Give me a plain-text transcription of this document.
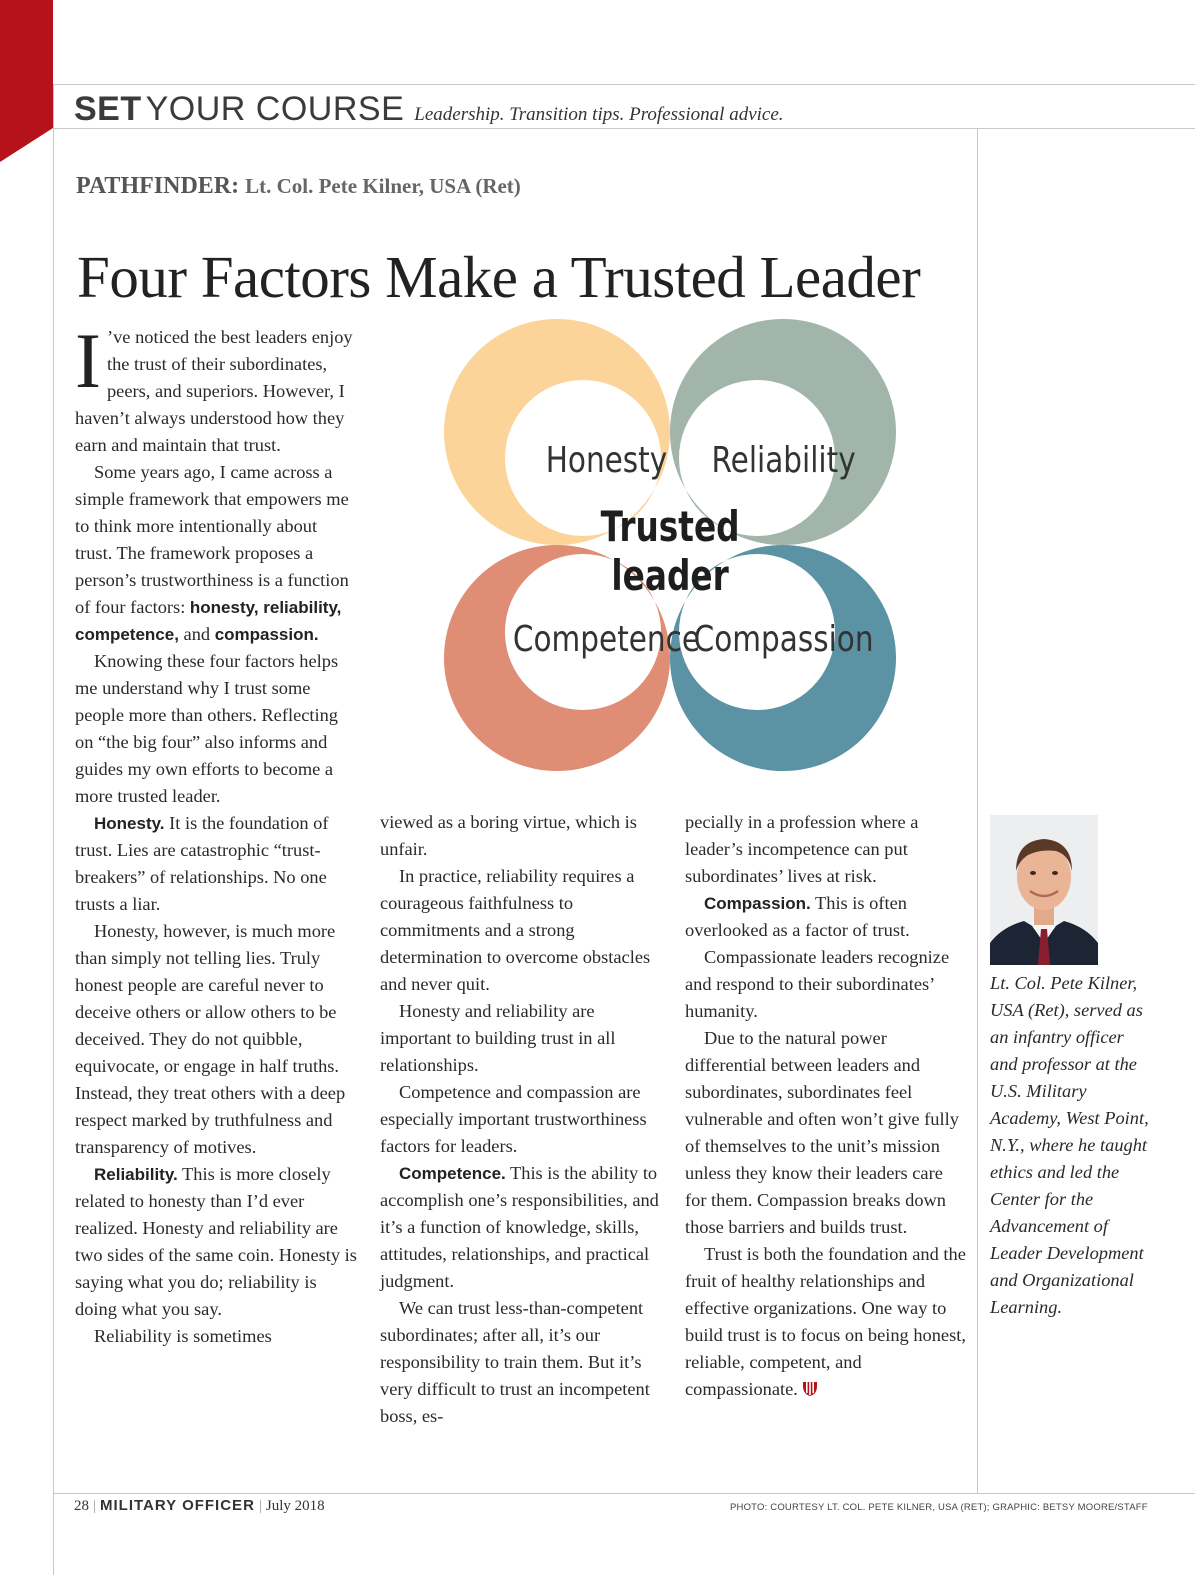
SET YOUR COURSE Leadership. Transition tips. Professional advice.
PATHFINDER: Lt. Col. Pete Kilner, USA (Ret)
Four Factors Make a Trusted Leader
Honesty Reliability
Competence
Compassion
Trusted
leader

I ’ve noticed the best leaders enjoy the trust of their subordinates, peers, and superiors. However, I haven’t always understood how they earn and maintain that trust.

Some years ago, I came across a simple framework that empowers me to think more intentionally about trust. The framework proposes a person’s trustworthiness is a function of four factors: honesty, reliability, competence, and compassion.

Knowing these four factors helps me understand why I trust some people more than others. Reflecting on “the big four” also informs and guides my own efforts to become a more trusted leader.

Honesty. It is the foundation of trust. Lies are catastrophic “trust-breakers” of relationships. No one trusts a liar.

Honesty, however, is much more than simply not telling lies. Truly honest people are careful never to deceive others or allow others to be deceived. They do not quibble, equivocate, or engage in half truths. Instead, they treat others with a deep respect marked by truthfulness and transparency of motives.

Reliability. This is more closely related to honesty than I’d ever realized. Honesty and reliability are two sides of the same coin. Honesty is saying what you do; reliability is doing what you say.

Reliability is sometimes

viewed as a boring virtue, which is unfair.

In practice, reliability requires a courageous faithfulness to commitments and a strong determination to overcome obstacles and never quit.

Honesty and reliability are important to building trust in all relationships.

Competence and compassion are especially important trustworthiness factors for leaders.

Competence. This is the ability to accomplish one’s responsibilities, and it’s a function of knowledge, skills, attitudes, relationships, and practical judgment.

We can trust less-than-competent subordinates; after all, it’s our responsibility to train them. But it’s very difficult to trust an incompetent boss, es-

pecially in a profession where a leader’s incompetence can put subordinates’ lives at risk.

Compassion. This is often overlooked as a factor of trust.

Compassionate leaders recognize and respond to their subordinates’ humanity.

Due to the natural power differential between leaders and subordinates, subordinates feel vulnerable and often won’t give fully of themselves to the unit’s mission unless they know their leaders care for them. Compassion breaks down those barriers and builds trust.

Trust is both the foundation and the fruit of healthy relationships and effective organizations. One way to build trust is to focus on being honest, reliable, competent, and compassionate.

Lt. Col. Pete Kilner, USA (Ret), served as an infantry officer and professor at the U.S. Military Academy, West Point, N.Y., where he taught ethics and led the Center for the Advancement of Leader Development and Organizational Learning.
28 | MILITARY OFFICER | July 2018	PHOTO: COURTESY LT. COL. PETE KILNER, USA (RET); GRAPHIC: BETSY MOORE/STAFF
